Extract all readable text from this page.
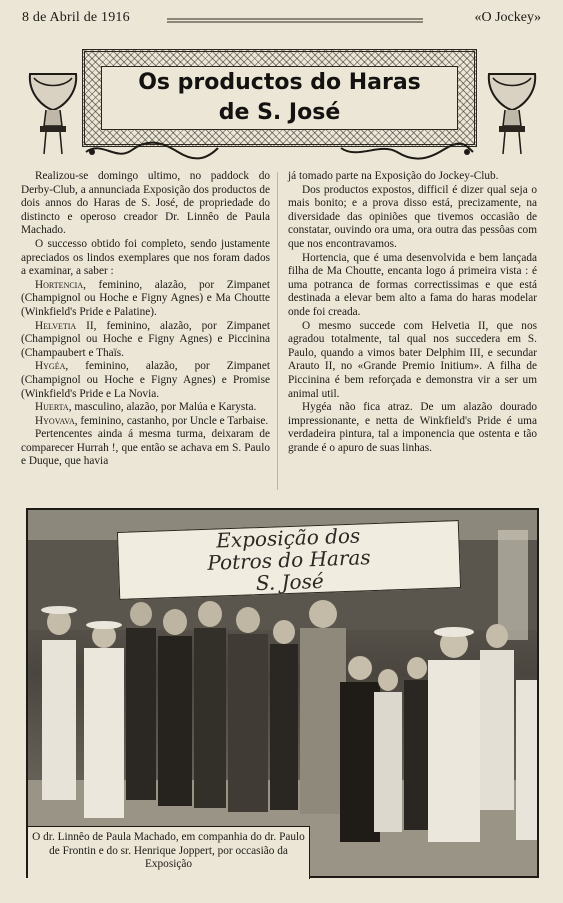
8 de Abril de 1916	«O Jockey»
Os productos do Haras
de S. José

Realizou-se domingo ultimo, no paddock do Derby-Club, a annunciada Exposição dos productos de dois annos do Haras de S. José, de propriedade do distincto e operoso creador Dr. Linnêo de Paula Machado.

O successo obtido foi completo, sendo justamente apreciados os lindos exemplares que nos foram dados a examinar, a saber :

Hortencia, feminino, alazão, por Zimpanet (Champignol ou Hoche e Figny Agnes) e Ma Choutte (Winkfield's Pride e Palatine).

Helvetia II, feminino, alazão, por Zimpanet (Champignol ou Hoche e Figny Agnes) e Piccinina (Champaubert e Thaïs.

Hygéa, feminino, alazão, por Zimpanet (Champignol ou Hoche e Figny Agnes) e Promise (Winkfield's Pride e La Novia.

Huerta, masculino, alazão, por Malúa e Karysta.

Hyovava, feminino, castanho, por Uncle e Tarbaise.

Pertencentes ainda á mesma turma, deixaram de comparecer Hurrah !, que então se achava em S. Paulo e Duque, que havia

já tomado parte na Exposição do Jockey-Club.

Dos productos expostos, difficil é dizer qual seja o mais bonito; e a prova disso está, precizamente, na diversidade das opiniões que tivemos occasião de constatar, ouvindo ora uma, ora outra das pessôas com que nos encontravamos.

Hortencia, que é uma desenvolvida e bem lançada filha de Ma Choutte, encanta logo á primeira vista : é uma potranca de formas correctissimas e que está destinada a elevar bem alto a fama do haras modelar onde foi creada.

O mesmo succede com Helvetia II, que nos agradou totalmente, tal qual nos succedera em S. Paulo, quando a vimos bater Delphim III, e secundar Arauto II, no «Grande Premio Initium». A filha de Piccinina é bem reforçada e demonstra vir a ser um animal util.

Hygéa não fica atraz. De um alazão dourado impressionante, e netta de Winkfield's Pride é uma verdadeira pintura, tal a imponencia que ostenta e tão grande é o apuro de suas linhas.

Exposição dos
Potros do Haras
S. José
O dr. Linnêo de Paula Machado, em companhia do dr. Paulo de Frontin e do sr. Henrique Joppert, por occasião da Exposição
